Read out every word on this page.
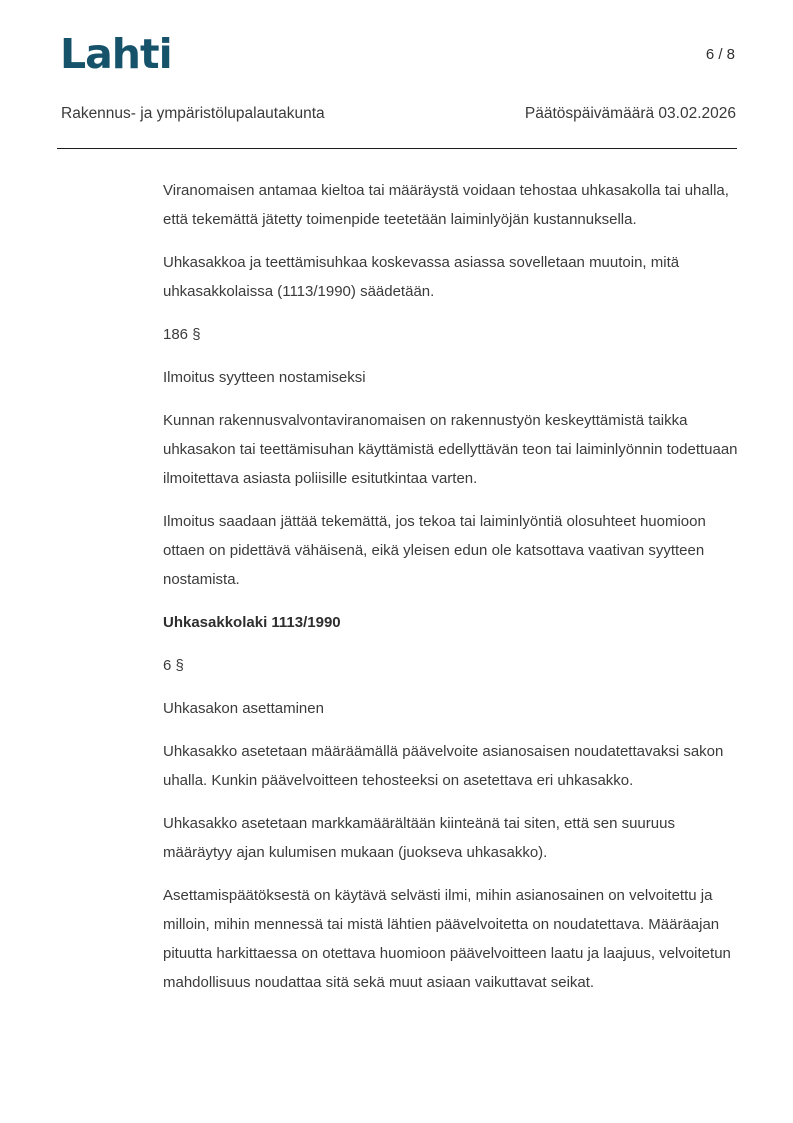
Lahti	6 / 8
Rakennus- ja ympäristölupalautakunta	Päätöspäivämäärä 03.02.2026

Viranomaisen antamaa kieltoa tai määräystä voidaan tehostaa uhkasakolla tai uhalla, että tekemättä jätetty toimenpide teetetään laiminlyöjän kustannuksella.

Uhkasakkoa ja teettämisuhkaa koskevassa asiassa sovelletaan muutoin, mitä uhkasakkolaissa (1113/1990) säädetään.

186 §

Ilmoitus syytteen nostamiseksi

Kunnan rakennusvalvontaviranomaisen on rakennustyön keskeyttämistä taikka uhkasakon tai teettämisuhan käyttämistä edellyttävän teon tai laiminlyönnin todettuaan ilmoitettava asiasta poliisille esitutkintaa varten.

Ilmoitus saadaan jättää tekemättä, jos tekoa tai laiminlyöntiä olosuhteet huomioon ottaen on pidettävä vähäisenä, eikä yleisen edun ole katsottava vaativan syytteen nostamista.

Uhkasakkolaki 1113/1990

6 §

Uhkasakon asettaminen

Uhkasakko asetetaan määräämällä päävelvoite asianosaisen noudatettavaksi sakon uhalla. Kunkin päävelvoitteen tehosteeksi on asetettava eri uhkasakko.

Uhkasakko asetetaan markkamäärältään kiinteänä tai siten, että sen suuruus määräytyy ajan kulumisen mukaan (juokseva uhkasakko).

Asettamispäätöksestä on käytävä selvästi ilmi, mihin asianosainen on velvoitettu ja milloin, mihin mennessä tai mistä lähtien päävelvoitetta on noudatettava. Määräajan pituutta harkittaessa on otettava huomioon päävelvoitteen laatu ja laajuus, velvoitetun mahdollisuus noudattaa sitä sekä muut asiaan vaikuttavat seikat.
